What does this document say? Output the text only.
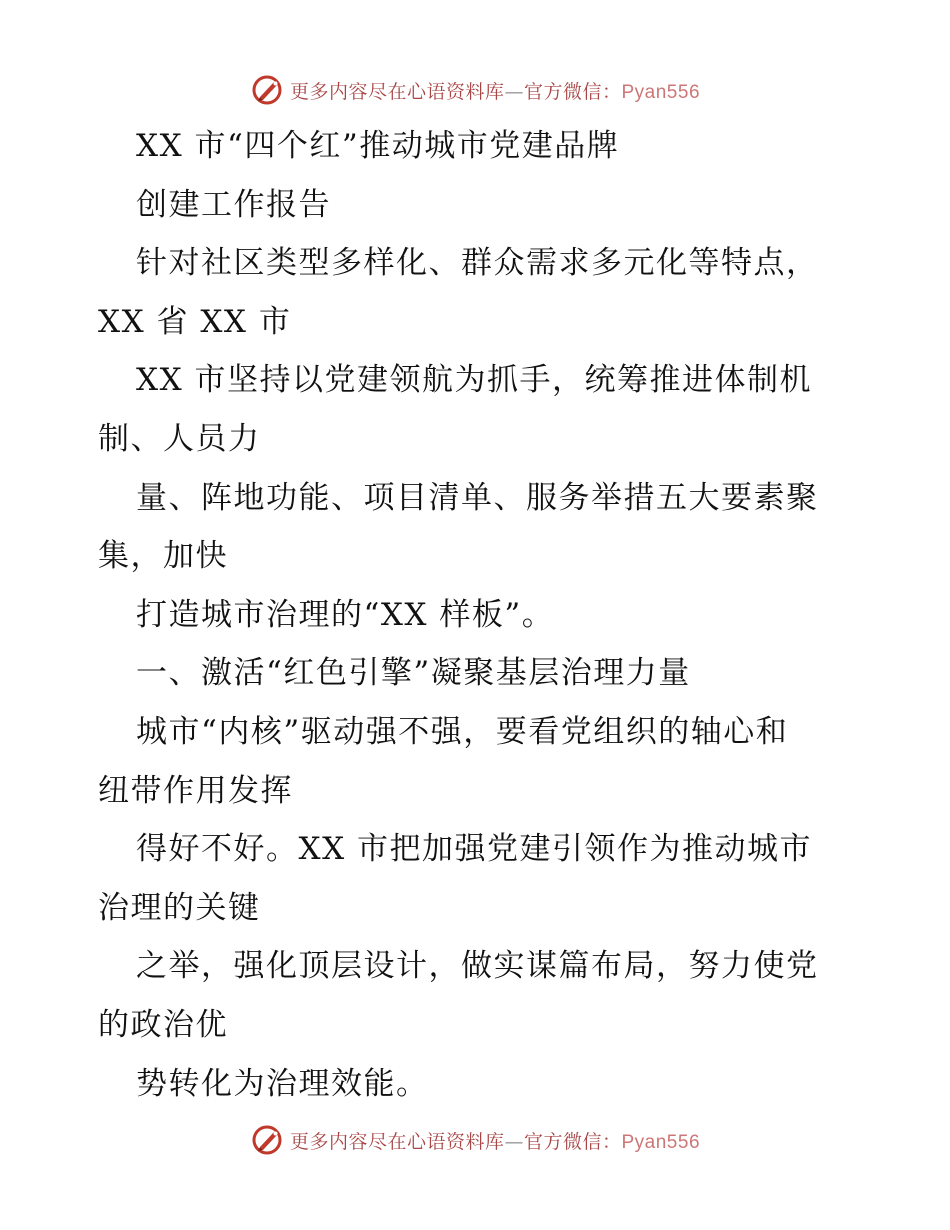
更多内容尽在心语资料库—官方微信：Pyan556
XX 市“四个红”推动城市党建品牌
创建工作报告
针对社区类型多样化、群众需求多元化等特点，
XX 省 XX 市
XX 市坚持以党建领航为抓手，统筹推进体制机
制、人员力
量、阵地功能、项目清单、服务举措五大要素聚
集，加快
打造城市治理的“XX 样板”。
一、激活“红色引擎”凝聚基层治理力量
城市“内核”驱动强不强，要看党组织的轴心和
纽带作用发挥
得好不好。XX 市把加强党建引领作为推动城市
治理的关键
之举，强化顶层设计，做实谋篇布局，努力使党
的政治优
势转化为治理效能。
更多内容尽在心语资料库—官方微信：Pyan556
